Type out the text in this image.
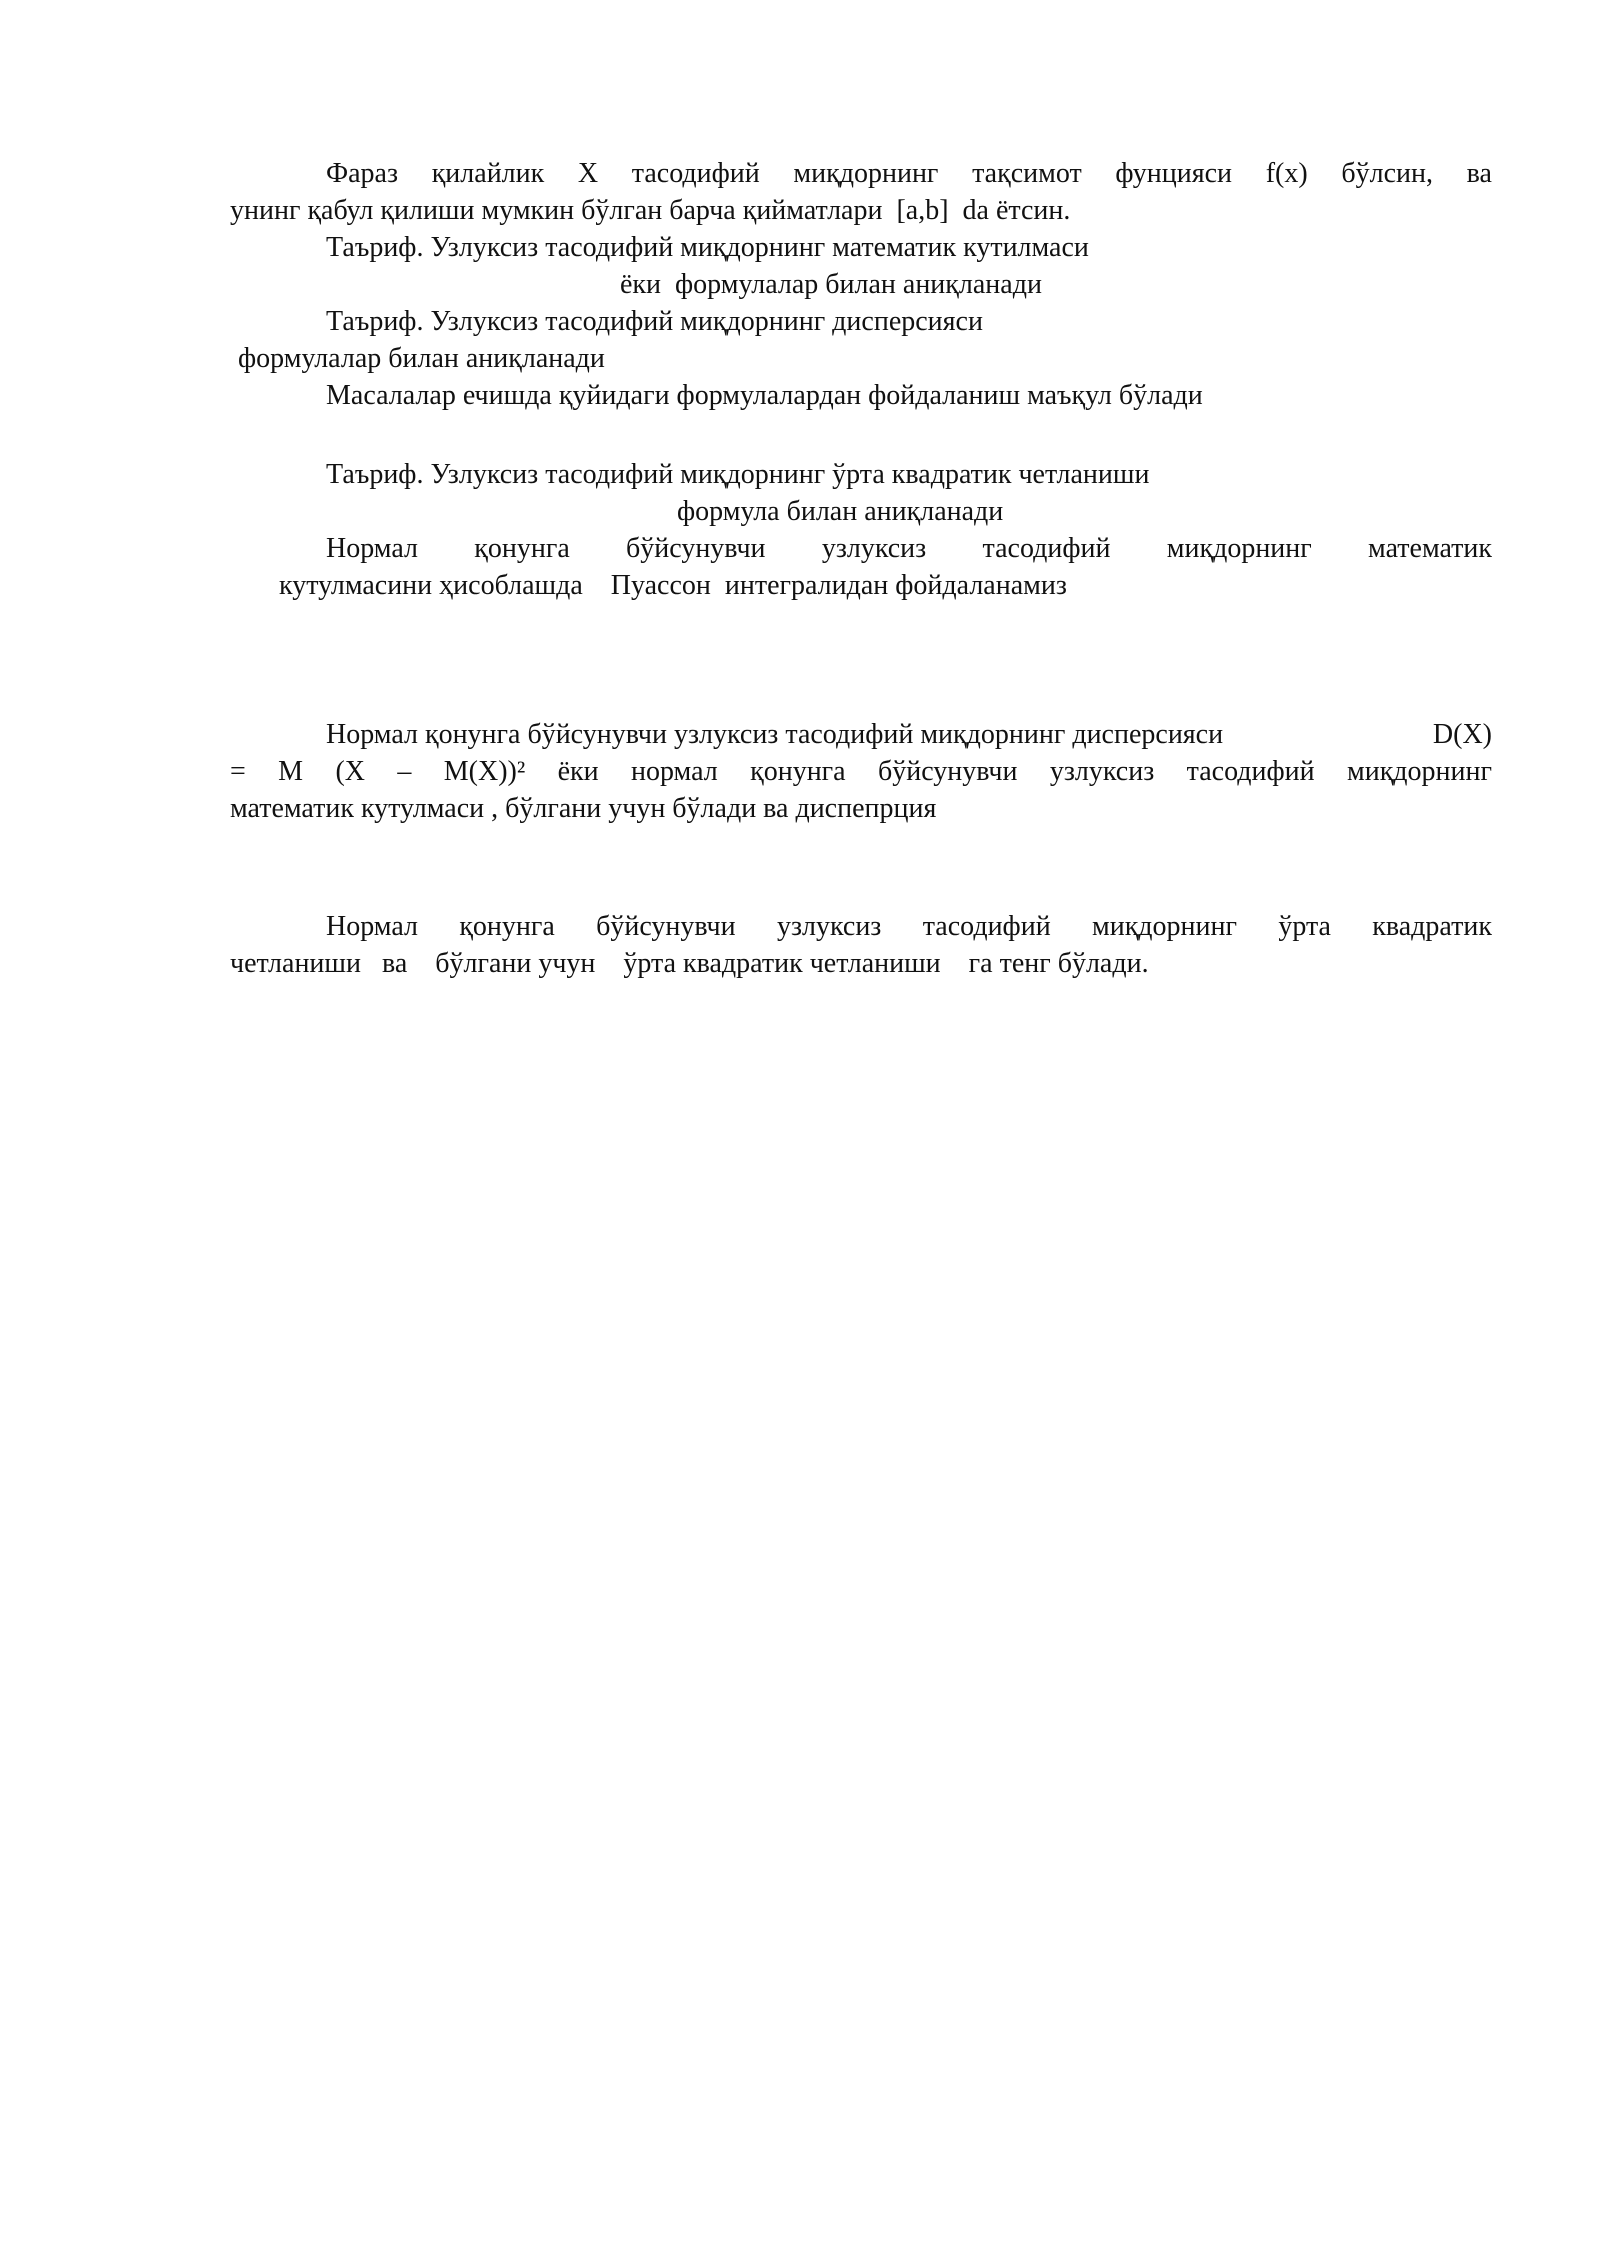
Фараз қилайлик X тасодифий миқдорнинг тақсимот фунцияси f(x) бўлсин, ва
унинг қабул қилиши мумкин бўлган барча қийматлари  [a,b]  da ётсин.
Таъриф. Узлуксиз тасодифий миқдорнинг математик кутилмаси
ёки  формулалар билан аниқланади
Таъриф. Узлуксиз тасодифий миқдорнинг дисперсияси
формулалар билан аниқланади
Масалалар ечишда қуйидаги формулалардан фойдаланиш маъқул бўлади
Таъриф. Узлуксиз тасодифий миқдорнинг ўрта квадратик четланиши
формула билан аниқланади
Нормал қонунга бўйсунувчи узлуксиз тасодифий миқдорнинг математик
кутулмасини ҳисоблашда    Пуассон  интегралидан фойдаланамиз
Нормал қонунга бўйсунувчи узлуксиз тасодифий миқдорнинг дисперсияси	D(X)
= M (X – M(X))² ёки нормал қонунга бўйсунувчи узлуксиз тасодифий миқдорнинг
математик кутулмаси , бўлгани учун бўлади ва диспепрция
Нормал қонунга бўйсунувчи узлуксиз тасодифий миқдорнинг ўрта квадратик
четланиши   ва    бўлгани учун    ўрта квадратик четланиши    га тенг бўлади.
